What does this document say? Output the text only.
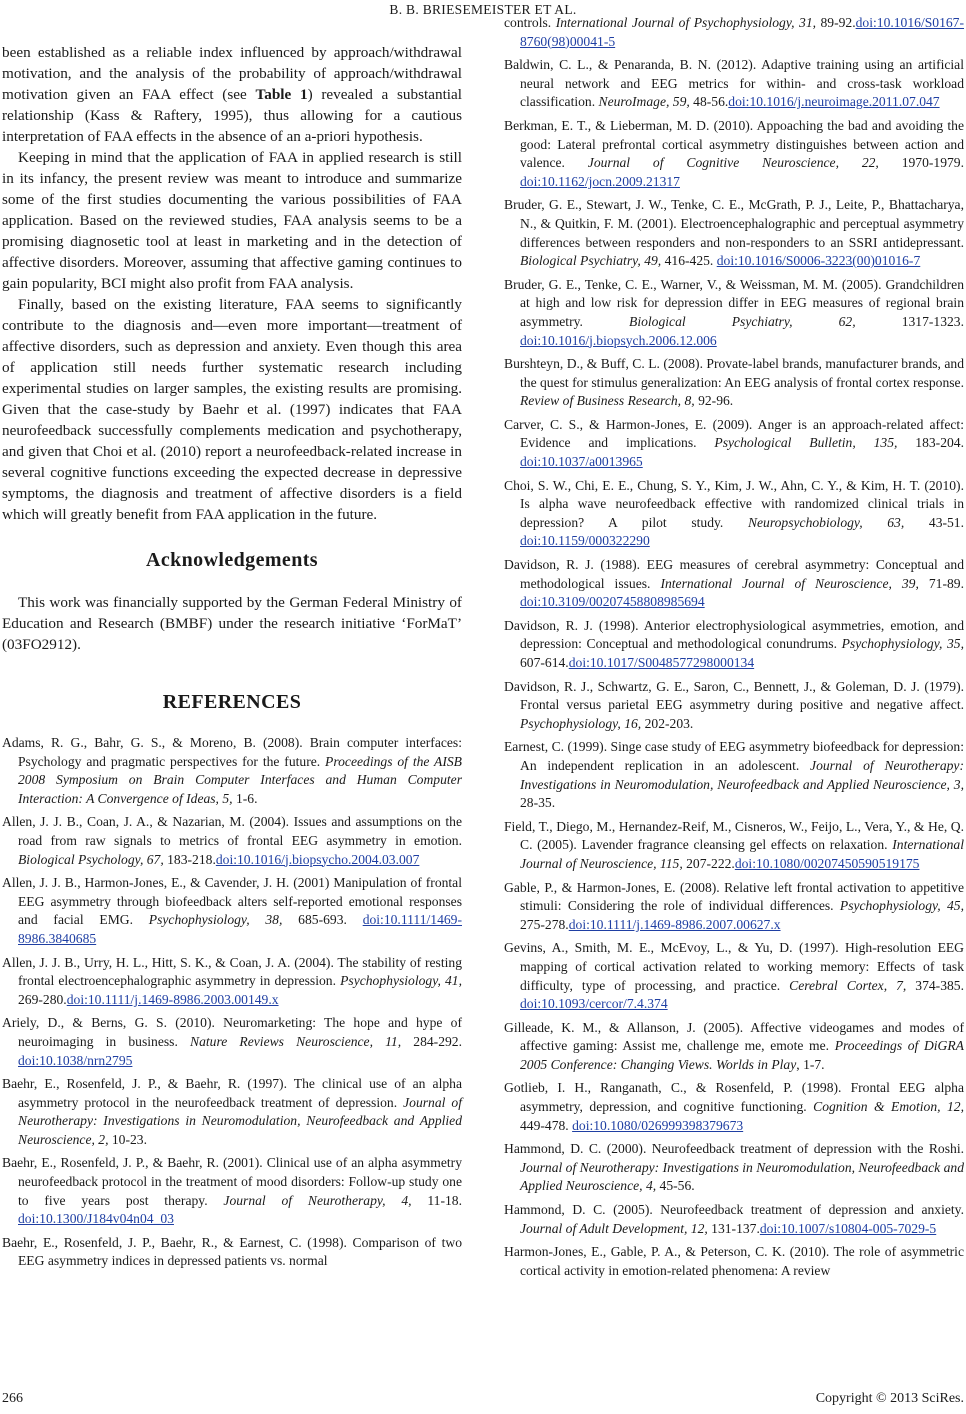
B. B. BRIESEMEISTER ET AL.

been established as a reliable index influenced by approach/withdrawal motivation, and the analysis of the probability of approach/withdrawal motivation given an FAA effect (see Table 1) revealed a substantial relationship (Kass & Raftery, 1995), thus allowing for a cautious interpretation of FAA effects in the absence of an a-priori hypothesis.

Keeping in mind that the application of FAA in applied research is still in its infancy, the present review was meant to introduce and summarize some of the first studies documenting the various possibilities of FAA application. Based on the reviewed studies, FAA analysis seems to be a promising diagnosetic tool at least in marketing and in the detection of affective disorders. Moreover, assuming that affective gaming continues to gain popularity, BCI might also profit from FAA analysis.

Finally, based on the existing literature, FAA seems to significantly contribute to the diagnosis and—even more important—treatment of affective disorders, such as depression and anxiety. Even though this area of application still needs further systematic research including experimental studies on larger samples, the existing results are promising. Given that the case-study by Baehr et al. (1997) indicates that FAA neurofeedback successfully complements medication and psychotherapy, and given that Choi et al. (2010) report a neurofeedback-related increase in several cognitive functions exceeding the expected decrease in depressive symptoms, the diagnosis and treatment of affective disorders is a field which will greatly benefit from FAA application in the future.

Acknowledgements

This work was financially supported by the German Federal Ministry of Education and Research (BMBF) under the research initiative ‘ForMaT’ (03FO2912).

REFERENCES
Adams, R. G., Bahr, G. S., & Moreno, B. (2008). Brain computer interfaces: Psychology and pragmatic perspectives for the future. Proceedings of the AISB 2008 Symposium on Brain Computer Interfaces and Human Computer Interaction: A Convergence of Ideas, 5, 1-6.
Allen, J. J. B., Coan, J. A., & Nazarian, M. (2004). Issues and assumptions on the road from raw signals to metrics of frontal EEG asymmetry in emotion. Biological Psychology, 67, 183-218.doi:10.1016/j.biopsycho.2004.03.007
Allen, J. J. B., Harmon-Jones, E., & Cavender, J. H. (2001) Manipulation of frontal EEG asymmetry through biofeedback alters self-reported emotional responses and facial EMG. Psychophysiology, 38, 685-693. doi:10.1111/1469-8986.3840685
Allen, J. J. B., Urry, H. L., Hitt, S. K., & Coan, J. A. (2004). The stability of resting frontal electroencephalographic asymmetry in depression. Psychophysiology, 41, 269-280.doi:10.1111/j.1469-8986.2003.00149.x
Ariely, D., & Berns, G. S. (2010). Neuromarketing: The hope and hype of neuroimaging in business. Nature Reviews Neuroscience, 11, 284-292. doi:10.1038/nrn2795
Baehr, E., Rosenfeld, J. P., & Baehr, R. (1997). The clinical use of an alpha asymmetry protocol in the neurofeedback treatment of depression. Journal of Neurotherapy: Investigations in Neuromodulation, Neurofeedback and Applied Neuroscience, 2, 10-23.
Baehr, E., Rosenfeld, J. P., & Baehr, R. (2001). Clinical use of an alpha asymmetry neurofeedback protocol in the treatment of mood disorders: Follow-up study one to five years post therapy. Journal of Neurotherapy, 4, 11-18. doi:10.1300/J184v04n04_03
Baehr, E., Rosenfeld, J. P., Baehr, R., & Earnest, C. (1998). Comparison of two EEG asymmetry indices in depressed patients vs. normal
controls. International Journal of Psychophysiology, 31, 89-92.doi:10.1016/S0167-8760(98)00041-5
Baldwin, C. L., & Penaranda, B. N. (2012). Adaptive training using an artificial neural network and EEG metrics for within- and cross-task workload classification. NeuroImage, 59, 48-56.doi:10.1016/j.neuroimage.2011.07.047
Berkman, E. T., & Lieberman, M. D. (2010). Appoaching the bad and avoiding the good: Lateral prefrontal cortical asymmetry distinguishes between action and valence. Journal of Cognitive Neuroscience, 22, 1970-1979. doi:10.1162/jocn.2009.21317
Bruder, G. E., Stewart, J. W., Tenke, C. E., McGrath, P. J., Leite, P., Bhattacharya, N., & Quitkin, F. M. (2001). Electroencephalographic and perceptual asymmetry differences between responders and non-responders to an SSRI antidepressant. Biological Psychiatry, 49, 416-425. doi:10.1016/S0006-3223(00)01016-7
Bruder, G. E., Tenke, C. E., Warner, V., & Weissman, M. M. (2005). Grandchildren at high and low risk for depression differ in EEG measures of regional brain asymmetry. Biological Psychiatry, 62, 1317-1323. doi:10.1016/j.biopsych.2006.12.006
Burshteyn, D., & Buff, C. L. (2008). Provate-label brands, manufacturer brands, and the quest for stimulus generalization: An EEG analysis of frontal cortex response. Review of Business Research, 8, 92-96.
Carver, C. S., & Harmon-Jones, E. (2009). Anger is an approach-related affect: Evidence and implications. Psychological Bulletin, 135, 183-204. doi:10.1037/a0013965
Choi, S. W., Chi, E. E., Chung, S. Y., Kim, J. W., Ahn, C. Y., & Kim, H. T. (2010). Is alpha wave neurofeedback effective with randomized clinical trials in depression? A pilot study. Neuropsychobiology, 63, 43-51. doi:10.1159/000322290
Davidson, R. J. (1988). EEG measures of cerebral asymmetry: Conceptual and methodological issues. International Journal of Neuroscience, 39, 71-89. doi:10.3109/00207458808985694
Davidson, R. J. (1998). Anterior electrophysiological asymmetries, emotion, and depression: Conceptual and methodological conundrums. Psychophysiology, 35, 607-614.doi:10.1017/S0048577298000134
Davidson, R. J., Schwartz, G. E., Saron, C., Bennett, J., & Goleman, D. J. (1979). Frontal versus parietal EEG asymmetry during positive and negative affect. Psychophysiology, 16, 202-203.
Earnest, C. (1999). Singe case study of EEG asymmetry biofeedback for depression: An independent replication in an adolescent. Journal of Neurotherapy: Investigations in Neuromodulation, Neurofeedback and Applied Neuroscience, 3, 28-35.
Field, T., Diego, M., Hernandez-Reif, M., Cisneros, W., Feijo, L., Vera, Y., & He, Q. C. (2005). Lavender fragrance cleansing gel effects on relaxation. International Journal of Neuroscience, 115, 207-222.doi:10.1080/00207450590519175
Gable, P., & Harmon-Jones, E. (2008). Relative left frontal activation to appetitive stimuli: Considering the role of individual differences. Psychophysiology, 45, 275-278.doi:10.1111/j.1469-8986.2007.00627.x
Gevins, A., Smith, M. E., McEvoy, L., & Yu, D. (1997). High-resolution EEG mapping of cortical activation related to working memory: Effects of task difficulty, type of processing, and practice. Cerebral Cortex, 7, 374-385. doi:10.1093/cercor/7.4.374
Gilleade, K. M., & Allanson, J. (2005). Affective videogames and modes of affective gaming: Assist me, challenge me, emote me. Proceedings of DiGRA 2005 Conference: Changing Views. Worlds in Play, 1-7.
Gotlieb, I. H., Ranganath, C., & Rosenfeld, P. (1998). Frontal EEG alpha asymmetry, depression, and cognitive functioning. Cognition & Emotion, 12, 449-478. doi:10.1080/026999398379673
Hammond, D. C. (2000). Neurofeedback treatment of depression with the Roshi. Journal of Neurotherapy: Investigations in Neuromodulation, Neurofeedback and Applied Neuroscience, 4, 45-56.
Hammond, D. C. (2005). Neurofeedback treatment of depression and anxiety. Journal of Adult Development, 12, 131-137.doi:10.1007/s10804-005-7029-5
Harmon-Jones, E., Gable, P. A., & Peterson, C. K. (2010). The role of asymmetric cortical activity in emotion-related phenomena: A review
266	Copyright © 2013 SciRes.
